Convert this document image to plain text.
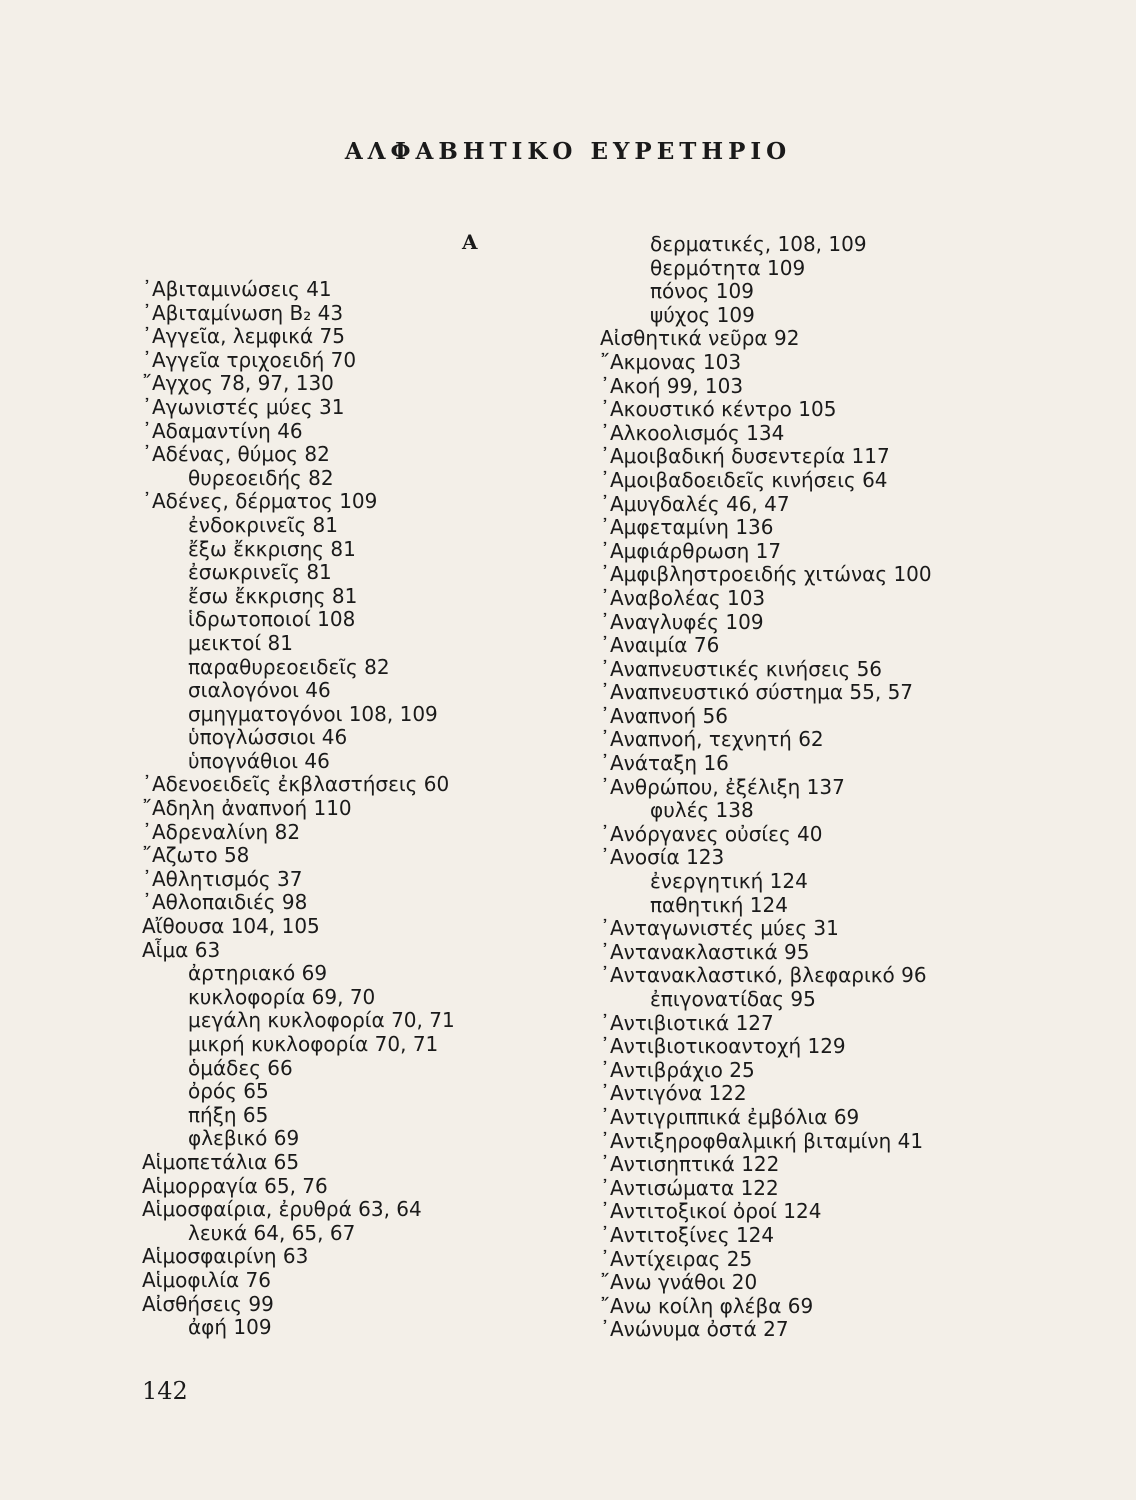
ΑΛΦΑΒΗΤΙΚΟ ΕΥΡΕΤΗΡΙΟ
Α
᾿Αβιταμινώσεις 41
᾿Αβιταμίνωση Β₂ 43
᾿Αγγεῖα, λεμφικά 75
᾿Αγγεῖα τριχοειδή 70
῎Αγχος 78, 97, 130
᾿Αγωνιστές μύες 31
᾿Αδαμαντίνη 46
᾿Αδένας, θύμος 82
θυρεοειδής 82
᾿Αδένες, δέρματος 109
ἐνδοκρινεῖς 81
ἔξω ἔκκρισης 81
ἐσωκρινεῖς 81
ἔσω ἔκκρισης 81
ἱδρωτοποιοί 108
μεικτοί 81
παραθυρεοειδεῖς 82
σιαλογόνοι 46
σμηγματογόνοι 108, 109
ὑπογλώσσιοι 46
ὑπογνάθιοι 46
᾿Αδενοειδεῖς ἐκβλαστήσεις 60
῎Αδηλη ἀναπνοή 110
᾿Αδρεναλίνη 82
῎Αζωτο 58
᾿Αθλητισμός 37
᾿Αθλοπαιδιές 98
Αἴθουσα 104, 105
Αἷμα 63
ἀρτηριακό 69
κυκλοφορία 69, 70
μεγάλη κυκλοφορία 70, 71
μικρή κυκλοφορία 70, 71
ὁμάδες 66
ὀρός 65
πήξη 65
φλεβικό 69
Αἱμοπετάλια 65
Αἱμορραγία 65, 76
Αἱμοσφαίρια, ἐρυθρά 63, 64
λευκά 64, 65, 67
Αἱμοσφαιρίνη 63
Αἱμοφιλία 76
Αἰσθήσεις 99
ἀφή 109
δερματικές, 108, 109
θερμότητα 109
πόνος 109
ψύχος 109
Αἰσθητικά νεῦρα 92
῎Ακμονας 103
᾿Ακοή 99, 103
᾿Ακουστικό κέντρο 105
᾿Αλκοολισμός 134
᾿Αμοιβαδική δυσεντερία 117
᾿Αμοιβαδοειδεῖς κινήσεις 64
᾿Αμυγδαλές 46, 47
᾿Αμφεταμίνη 136
᾿Αμφιάρθρωση 17
᾿Αμφιβληστροειδής χιτώνας 100
᾿Αναβολέας 103
᾿Αναγλυφές 109
᾿Αναιμία 76
᾿Αναπνευστικές κινήσεις 56
᾿Αναπνευστικό σύστημα 55, 57
᾿Αναπνοή 56
᾿Αναπνοή, τεχνητή 62
᾿Ανάταξη 16
᾿Ανθρώπου, ἐξέλιξη 137
φυλές 138
᾿Ανόργανες οὐσίες 40
᾿Ανοσία 123
ἐνεργητική 124
παθητική 124
᾿Ανταγωνιστές μύες 31
᾿Αντανακλαστικά 95
᾿Αντανακλαστικό, βλεφαρικό 96
ἐπιγονατίδας 95
᾿Αντιβιοτικά 127
᾿Αντιβιοτικοαντοχή 129
᾿Αντιβράχιο 25
᾿Αντιγόνα 122
᾿Αντιγριππικά ἐμβόλια 69
᾿Αντιξηροφθαλμική βιταμίνη 41
᾿Αντισηπτικά 122
᾿Αντισώματα 122
᾿Αντιτοξικοί ὀροί 124
᾿Αντιτοξίνες 124
᾿Αντίχειρας 25
῎Ανω γνάθοι 20
῎Ανω κοίλη φλέβα 69
᾿Ανώνυμα ὀστά 27
142
